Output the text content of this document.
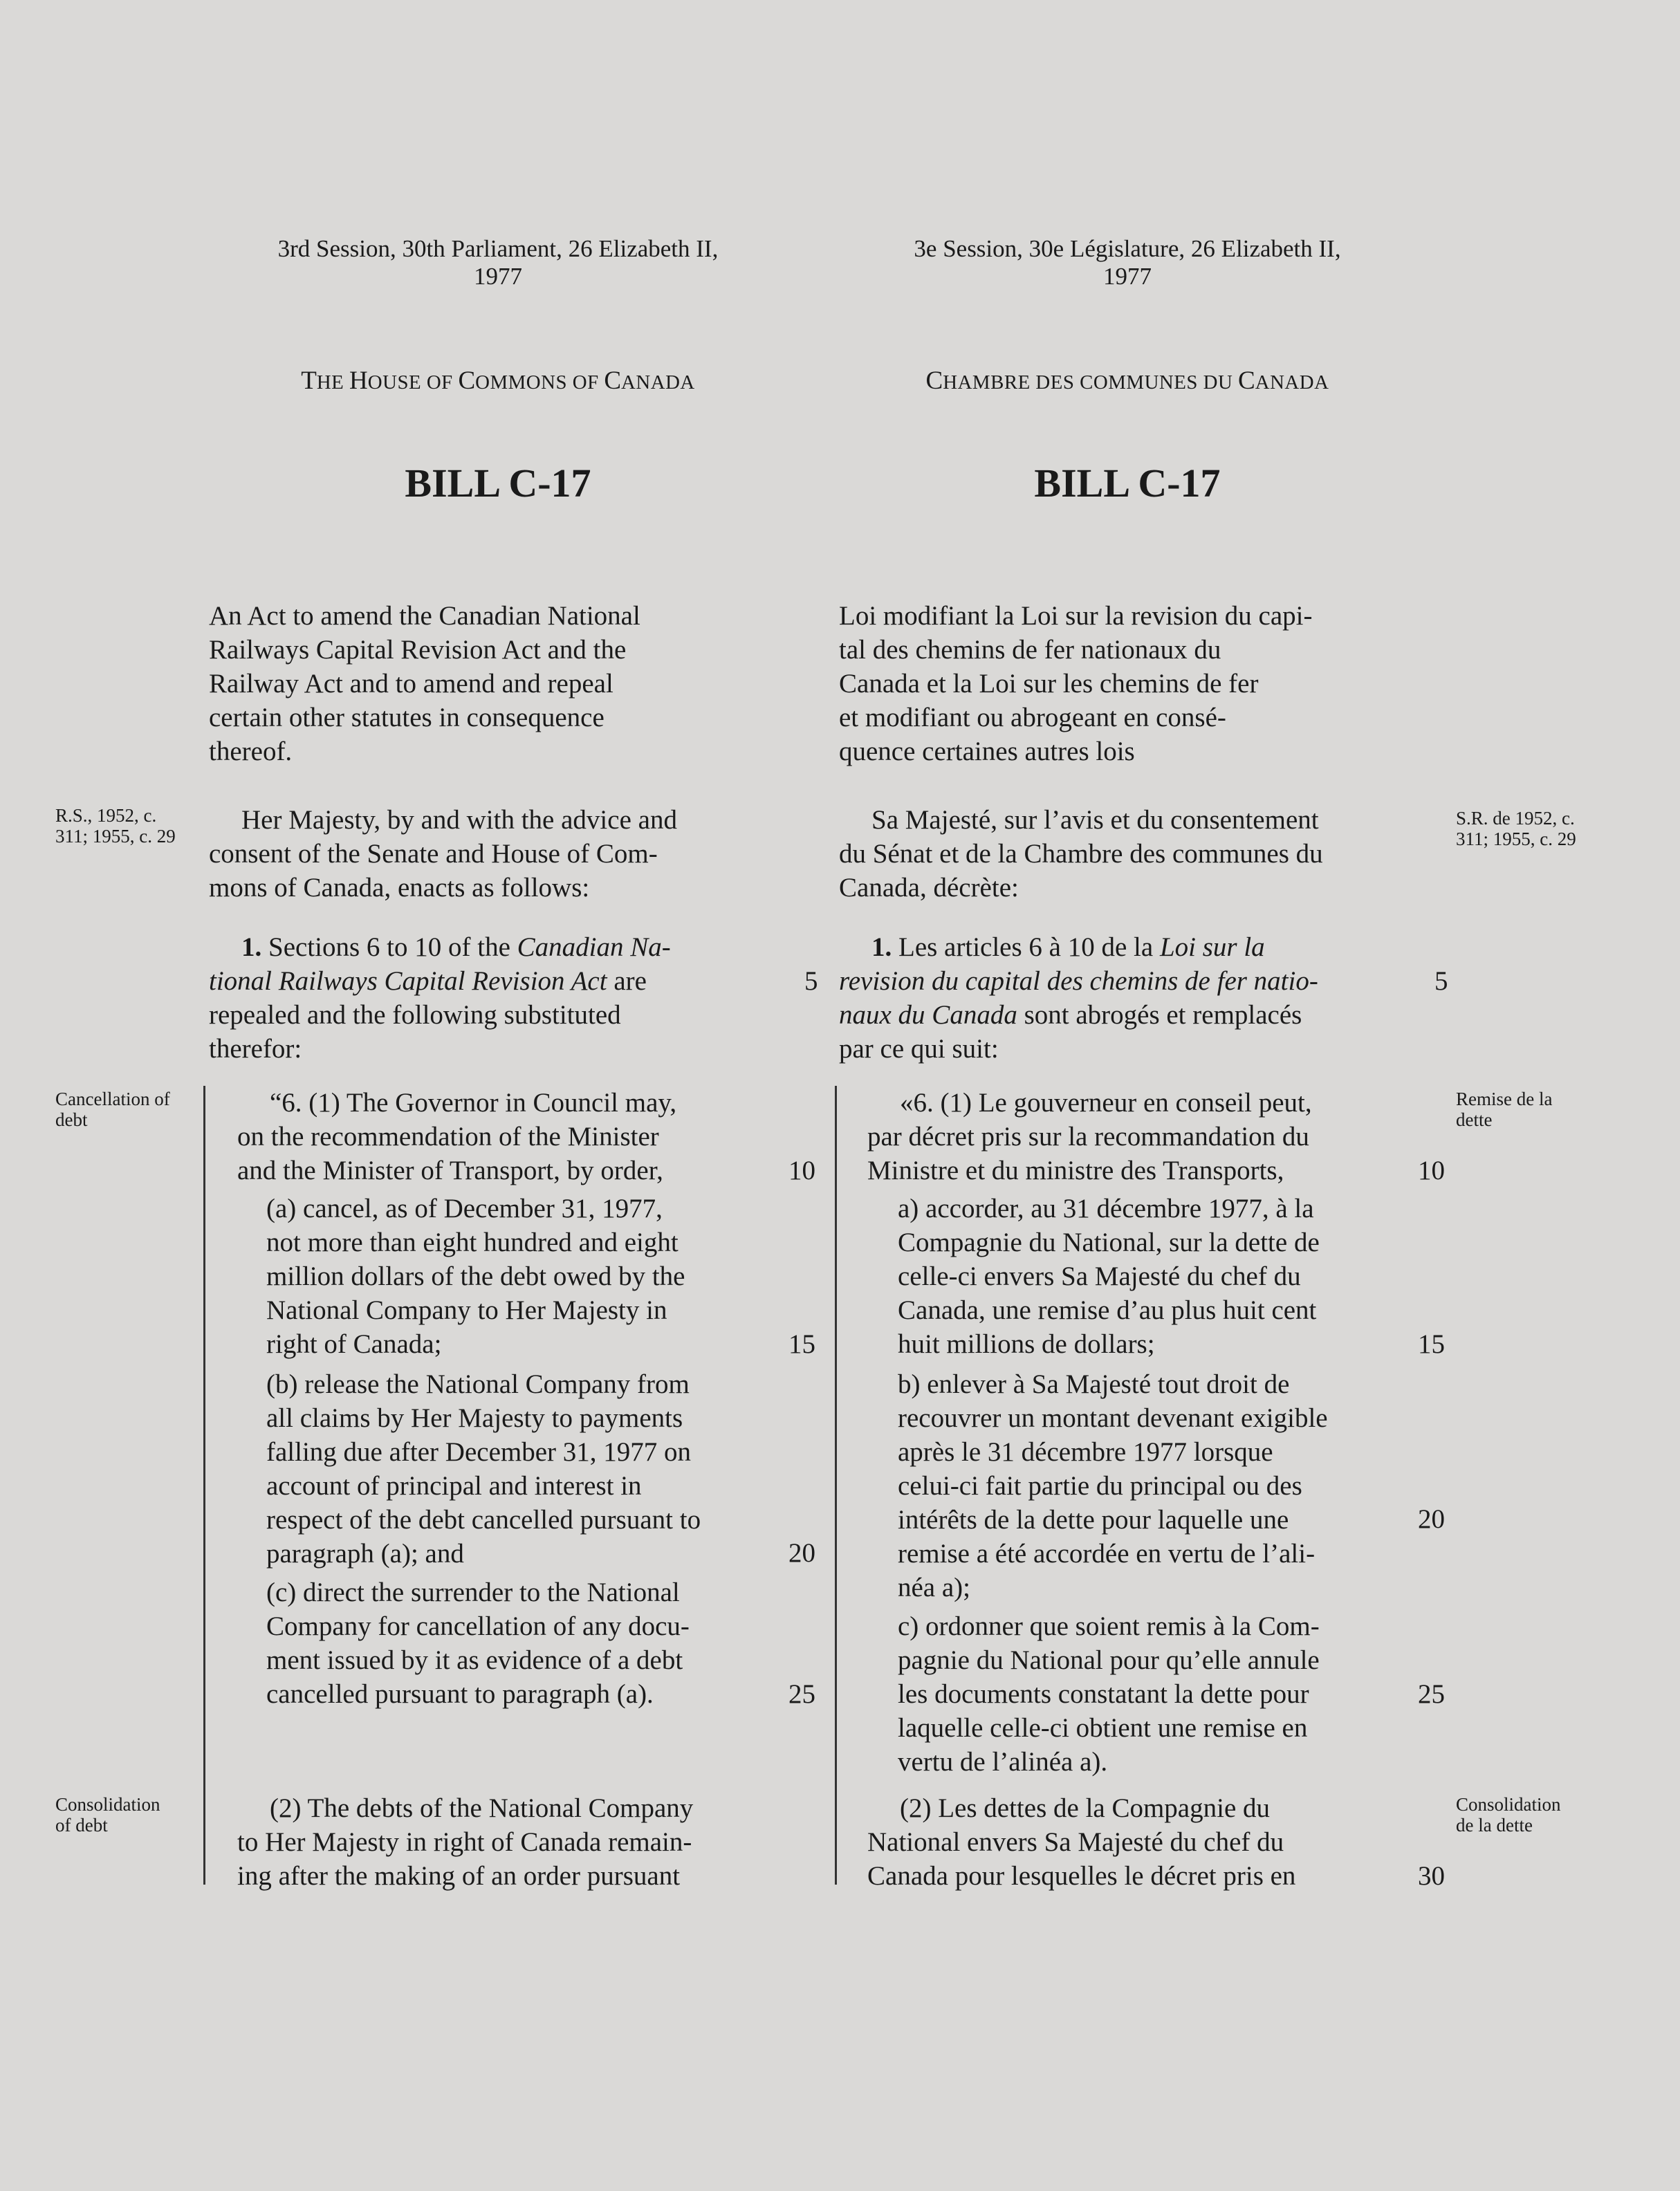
3rd Session, 30th Parliament, 26 Elizabeth II,
1977
THE HOUSE OF COMMONS OF CANADA
BILL C-17
An Act to amend the Canadian National
Railways Capital Revision Act and the
Railway Act and to amend and repeal
certain other statutes in consequence
thereof.
R.S., 1952, c.
311; 1955, c. 29
Her Majesty, by and with the advice and
consent of the Senate and House of Com-
mons of Canada, enacts as follows:
1. Sections 6 to 10 of the Canadian Na-
tional Railways Capital Revision Act are
repealed and the following substituted
therefor:
Cancellation of
debt
“6. (1) The Governor in Council may,
on the recommendation of the Minister
and the Minister of Transport, by order,
(a) cancel, as of December 31, 1977,
not more than eight hundred and eight
million dollars of the debt owed by the
National Company to Her Majesty in
right of Canada;
(b) release the National Company from
all claims by Her Majesty to payments
falling due after December 31, 1977 on
account of principal and interest in
respect of the debt cancelled pursuant to
paragraph (a); and
(c) direct the surrender to the National
Company for cancellation of any docu-
ment issued by it as evidence of a debt
cancelled pursuant to paragraph (a).
Consolidation
of debt
(2) The debts of the National Company
to Her Majesty in right of Canada remain-
ing after the making of an order pursuant
5
10
15
20
25
3e Session, 30e Législature, 26 Elizabeth II,
1977
CHAMBRE DES COMMUNES DU CANADA
BILL C-17
Loi modifiant la Loi sur la revision du capi-
tal des chemins de fer nationaux du
Canada et la Loi sur les chemins de fer
et modifiant ou abrogeant en consé-
quence certaines autres lois
S.R. de 1952, c.
311; 1955, c. 29
Sa Majesté, sur l’avis et du consentement
du Sénat et de la Chambre des communes du
Canada, décrète:
1. Les articles 6 à 10 de la Loi sur la
revision du capital des chemins de fer natio-
naux du Canada sont abrogés et remplacés
par ce qui suit:
Remise de la
dette
«6. (1) Le gouverneur en conseil peut,
par décret pris sur la recommandation du
Ministre et du ministre des Transports,
a) accorder, au 31 décembre 1977, à la
Compagnie du National, sur la dette de
celle-ci envers Sa Majesté du chef du
Canada, une remise d’au plus huit cent
huit millions de dollars;
b) enlever à Sa Majesté tout droit de
recouvrer un montant devenant exigible
après le 31 décembre 1977 lorsque
celui-ci fait partie du principal ou des
intérêts de la dette pour laquelle une
remise a été accordée en vertu de l’ali-
néa a);
c) ordonner que soient remis à la Com-
pagnie du National pour qu’elle annule
les documents constatant la dette pour
laquelle celle-ci obtient une remise en
vertu de l’alinéa a).
Consolidation
de la dette
(2) Les dettes de la Compagnie du
National envers Sa Majesté du chef du
Canada pour lesquelles le décret pris en
5
10
15
20
25
30
